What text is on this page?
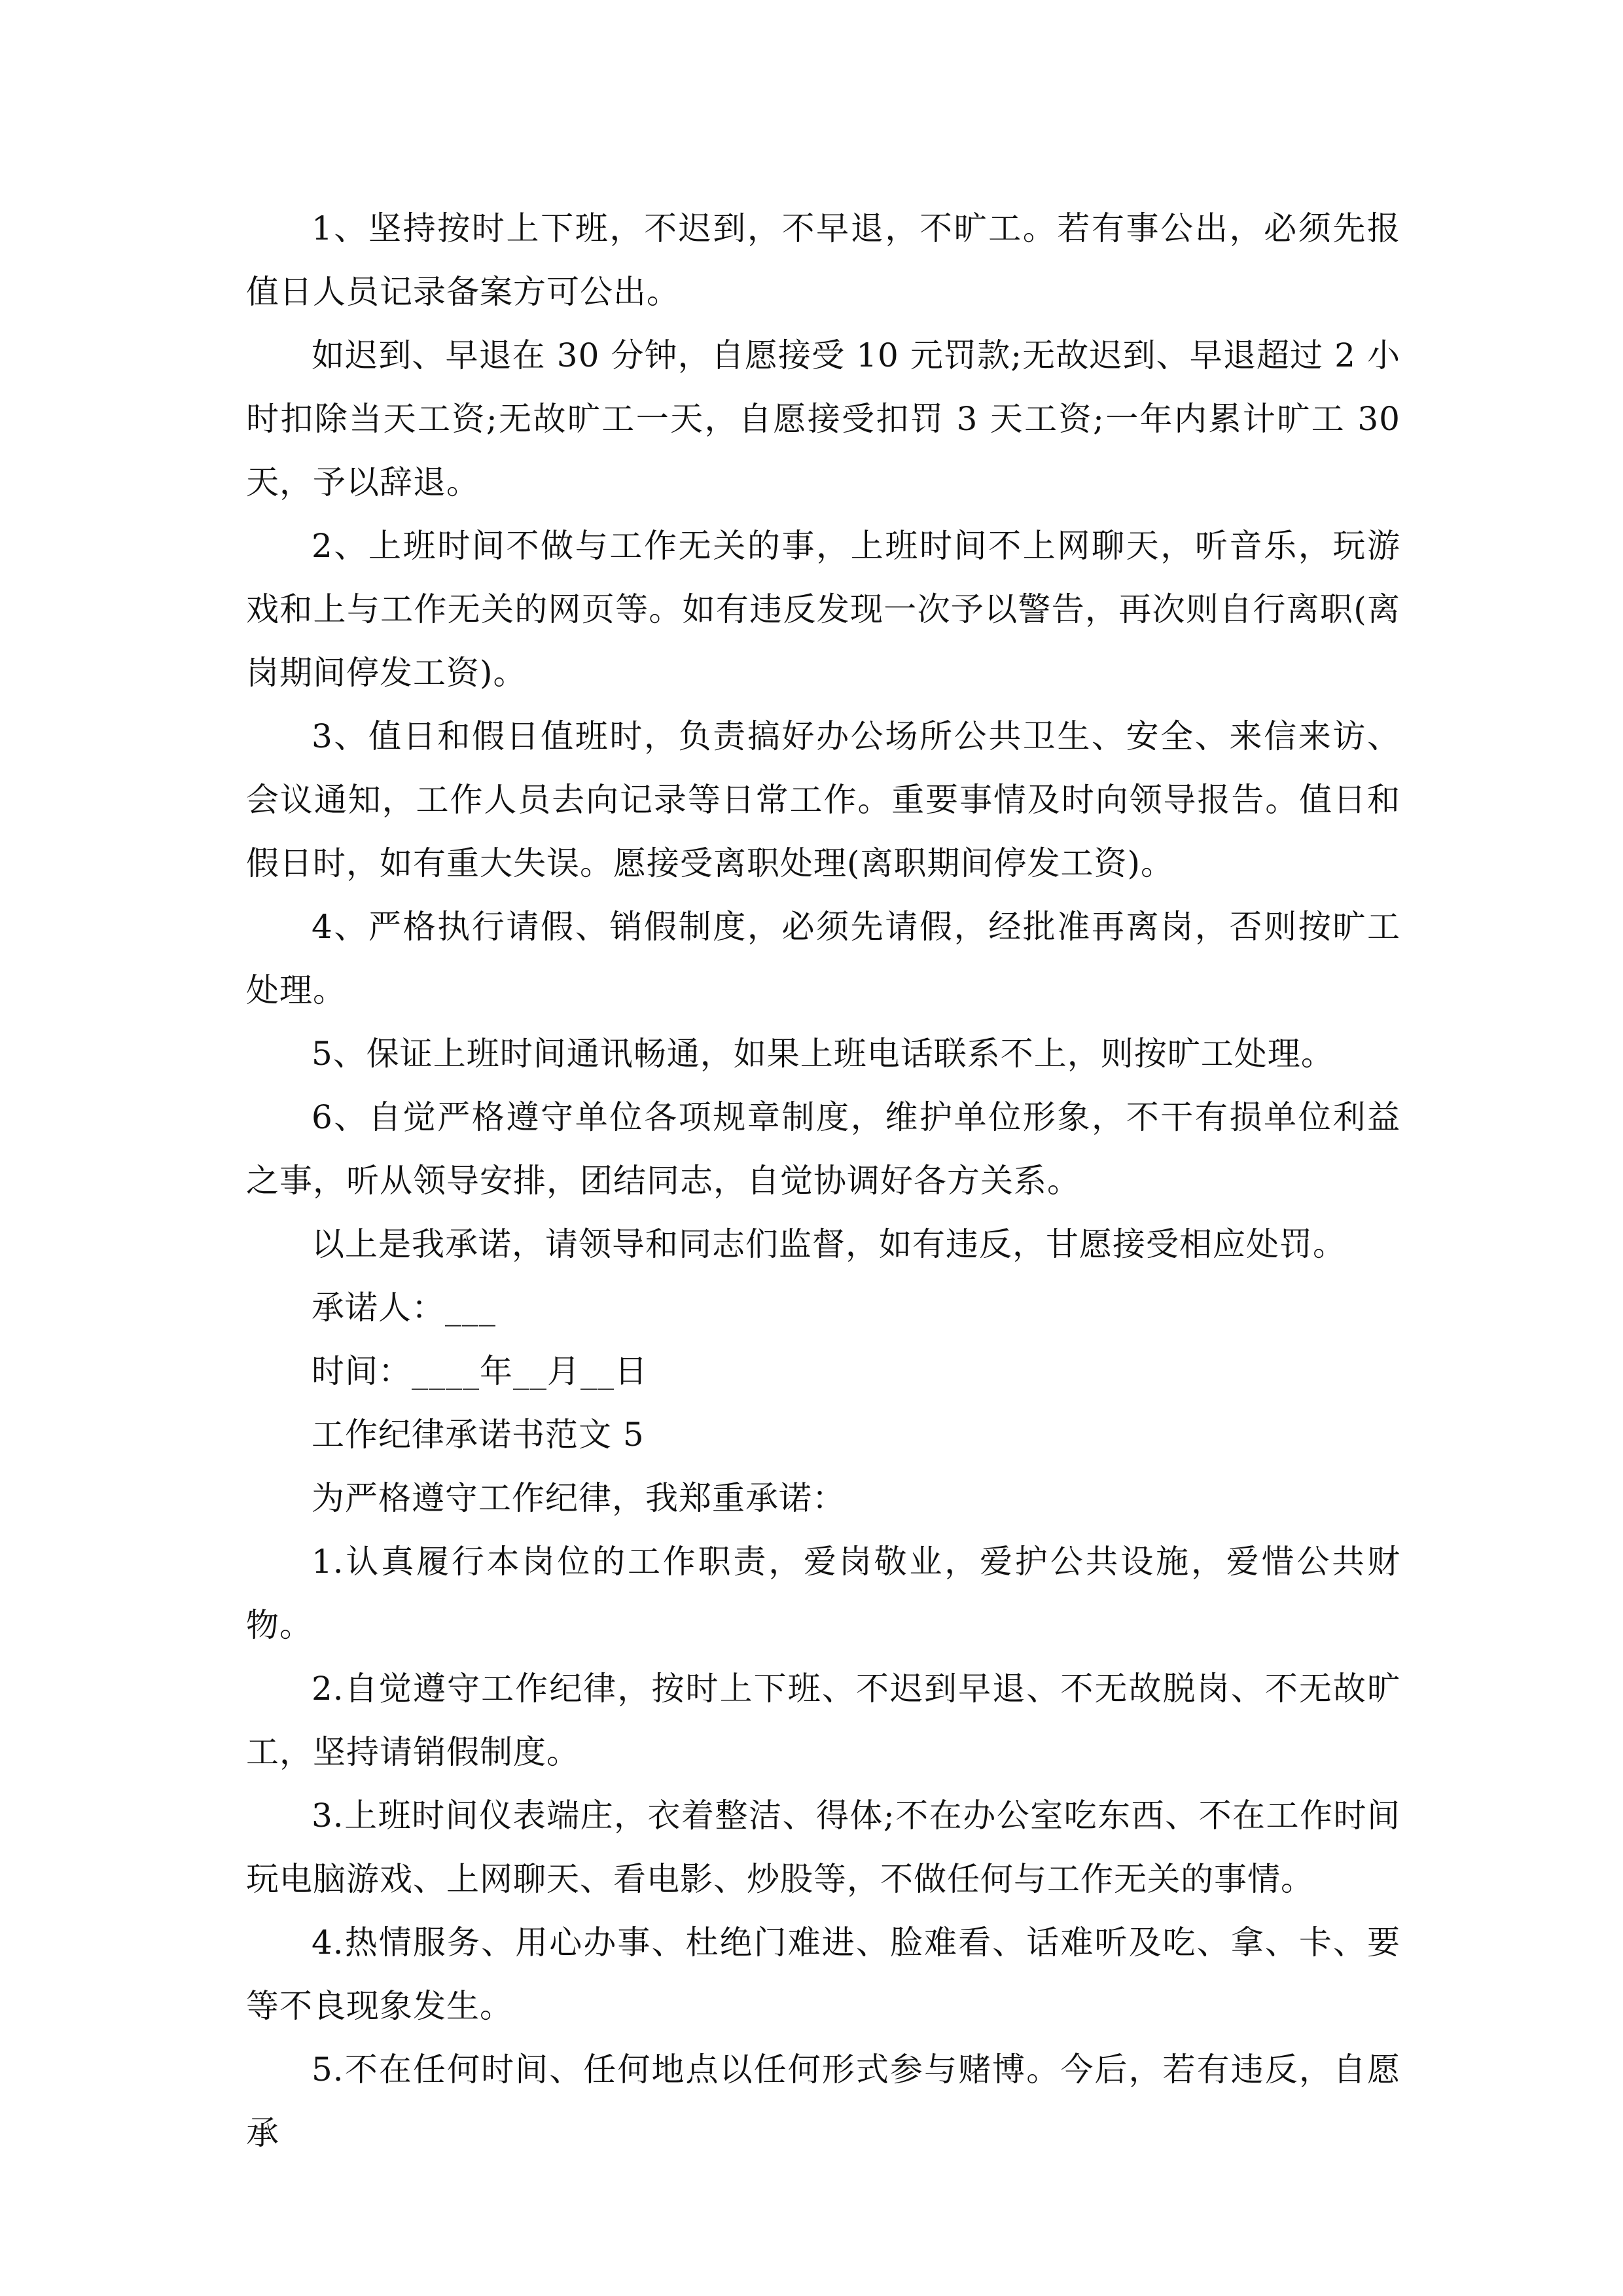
1、坚持按时上下班，不迟到，不早退，不旷工。若有事公出，必须先报值日人员记录备案方可公出。

如迟到、早退在 30 分钟，自愿接受 10 元罚款;无故迟到、早退超过 2 小时扣除当天工资;无故旷工一天，自愿接受扣罚 3 天工资;一年内累计旷工 30 天，予以辞退。

2、上班时间不做与工作无关的事，上班时间不上网聊天，听音乐，玩游戏和上与工作无关的网页等。如有违反发现一次予以警告，再次则自行离职(离岗期间停发工资)。

3、值日和假日值班时，负责搞好办公场所公共卫生、安全、来信来访、会议通知，工作人员去向记录等日常工作。重要事情及时向领导报告。值日和假日时，如有重大失误。愿接受离职处理(离职期间停发工资)。

4、严格执行请假、销假制度，必须先请假，经批准再离岗，否则按旷工处理。

5、保证上班时间通讯畅通，如果上班电话联系不上，则按旷工处理。

6、自觉严格遵守单位各项规章制度，维护单位形象，不干有损单位利益之事，听从领导安排，团结同志，自觉协调好各方关系。

以上是我承诺，请领导和同志们监督，如有违反，甘愿接受相应处罚。

承诺人：___

时间：____年__月__日

工作纪律承诺书范文 5

为严格遵守工作纪律，我郑重承诺：

1.认真履行本岗位的工作职责，爱岗敬业，爱护公共设施，爱惜公共财物。

2.自觉遵守工作纪律，按时上下班、不迟到早退、不无故脱岗、不无故旷工，坚持请销假制度。

3.上班时间仪表端庄，衣着整洁、得体;不在办公室吃东西、不在工作时间玩电脑游戏、上网聊天、看电影、炒股等，不做任何与工作无关的事情。

4.热情服务、用心办事、杜绝门难进、脸难看、话难听及吃、拿、卡、要等不良现象发生。

5.不在任何时间、任何地点以任何形式参与赌博。今后，若有违反，自愿承
